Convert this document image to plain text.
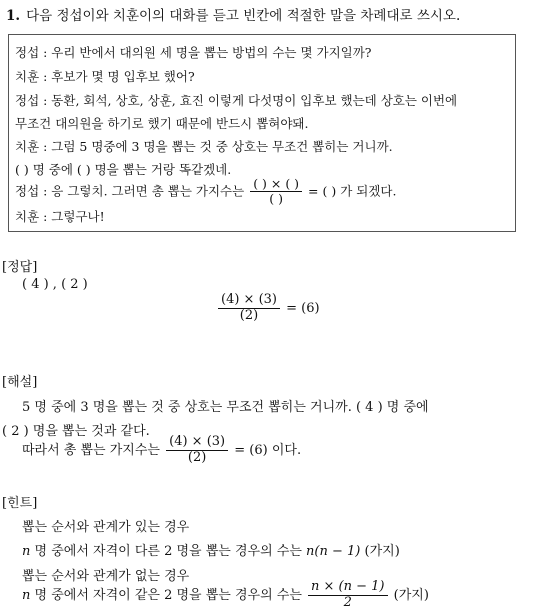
1. 다음 정섭이와 치훈이의 대화를 듣고 빈칸에 적절한 말을 차례대로 쓰시오.
정섭 : 우리 반에서 대의원 세 명을 뽑는 방법의 수는 몇 가지일까?
치훈 : 후보가 몇 명 입후보 했어?
정섭 : 동환, 회석, 상호, 상훈, 효진 이렇게 다섯명이 입후보 했는데 상호는 이번에
무조건 대의원을 하기로 했기 때문에 반드시 뽑혀야돼.
치훈 : 그럼 5 명중에 3 명을 뽑는 것 중 상호는 무조건 뽑히는 거니까.
( ) 명 중에 ( ) 명을 뽑는 거랑 똑같겠네.
정섭 : 응 그렇치. 그러면 총 뽑는 가지수는 $\frac{( ) \times ( )}{( )}$ = ( ) 가 되겠다.
치훈 : 그렇구나!
[정답]
( 4 ) , ( 2 )
$\frac{(4) \times (3)}{(2)} = (6)$
[해설]
5 명 중에 3 명을 뽑는 것 중 상호는 무조건 뽑히는 거니까. ( 4 ) 명 중에
( 2 ) 명을 뽑는 것과 같다.
따라서 총 뽑는 가지수는 $\frac{(4) \times (3)}{(2)} = (6)$ 이다.
[힌트]
뽑는 순서와 관계가 있는 경우
n 명 중에서 자격이 다른 2 명을 뽑는 경우의 수는 n(n − 1) (가지)
뽑는 순서와 관계가 없는 경우
n 명 중에서 자격이 같은 2 명을 뽑는 경우의 수는 $\frac{n \times (n - 1)}{2}$ (가지)
